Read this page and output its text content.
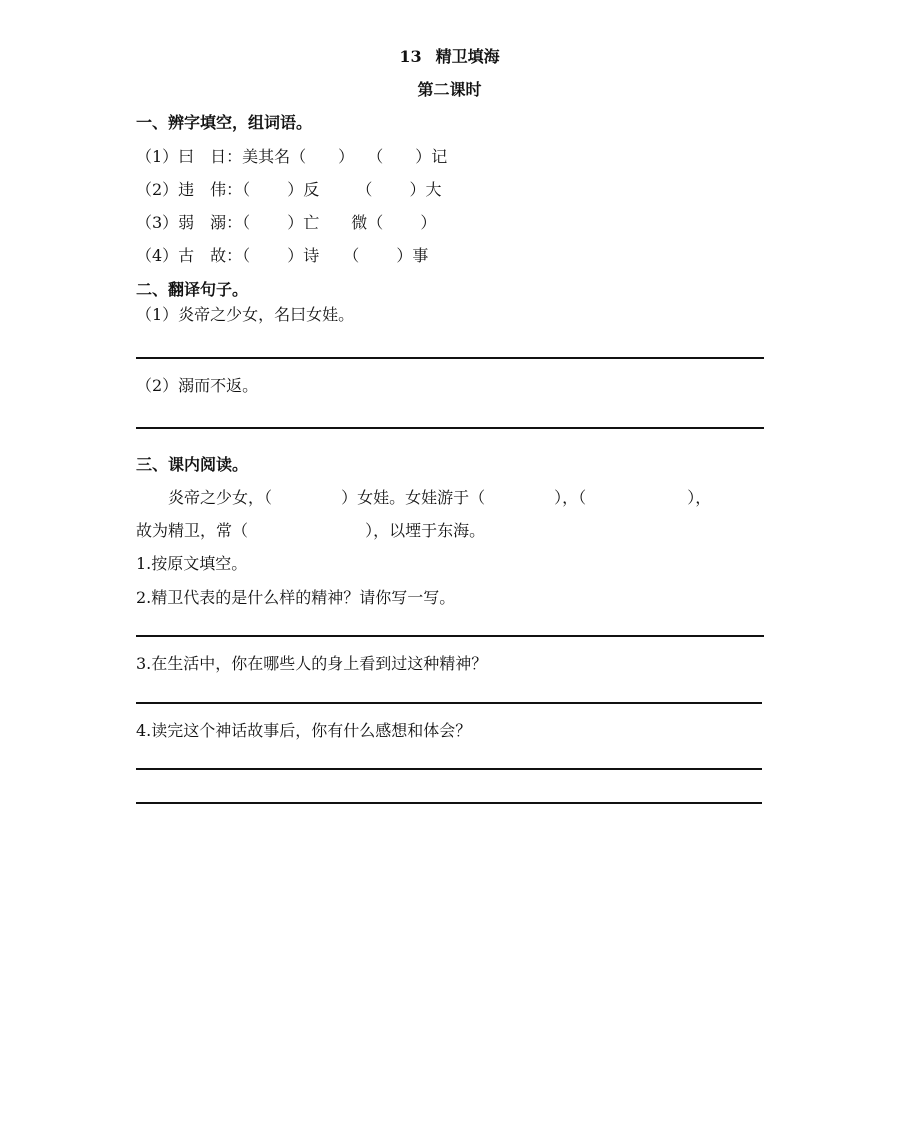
13 精卫填海
第二课时
一、辨字填空，组词语。
（1）曰　日：美其名（　　）　 （　　）记
（2）违　伟：（　　 ）反　　 （　　 ）大
（3）弱　溺：（　　 ）亡　　微（　　 ）
（4）古　故：（　　 ）诗　　（　　 ）事
二、翻译句子。
（1）炎帝之少女，名曰女娃。
（2）溺而不返。
三、课内阅读。
　　炎帝之少女，（　　　　 ）女娃。女娃游于（　　　　 ），（　　　　　　 ），
故为精卫，常（　　　　　　　 ），以堙于东海。
1.按原文填空。
2.精卫代表的是什么样的精神？请你写一写。
3.在生活中，你在哪些人的身上看到过这种精神？
4.读完这个神话故事后，你有什么感想和体会？
